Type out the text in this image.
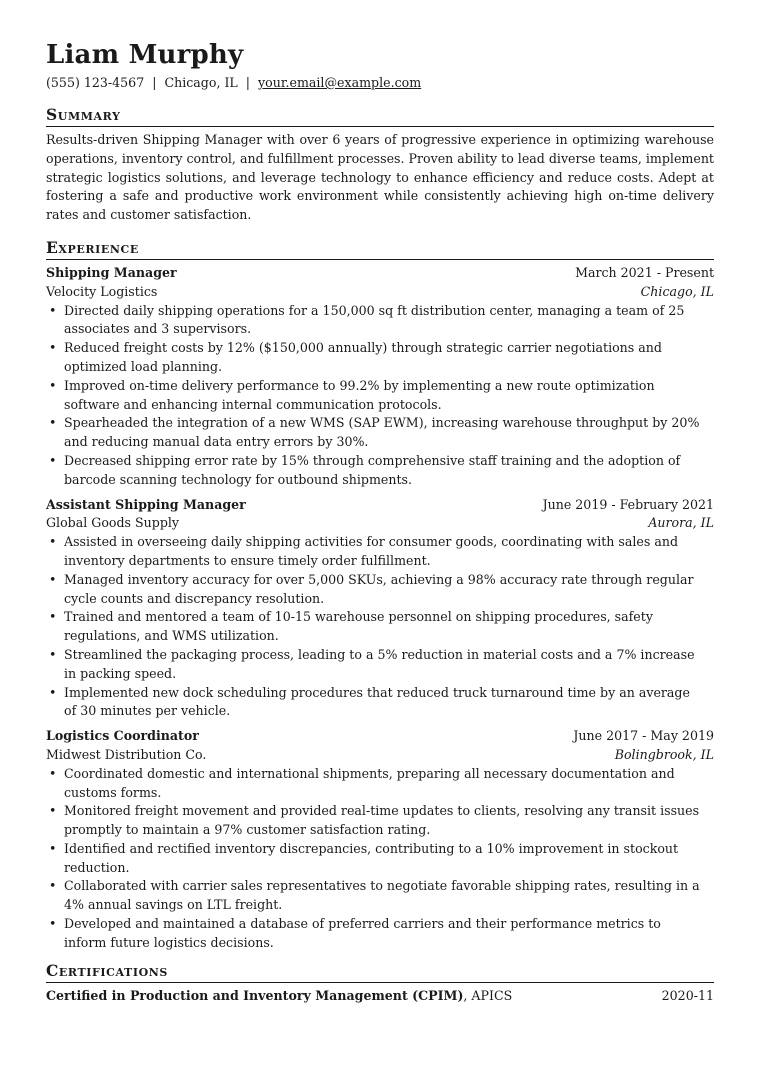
Liam Murphy
(555) 123-4567 | Chicago, IL | your.email@example.com
Summary

Results-driven Shipping Manager with over 6 years of progressive experience in optimizing warehouse operations, inventory control, and fulfillment processes. Proven ability to lead diverse teams, implement strategic logistics solutions, and leverage technology to enhance efficiency and reduce costs. Adept at fostering a safe and productive work environment while consistently achieving high on-time delivery rates and customer satisfaction.

Experience
Shipping Manager	March 2021 - Present
Velocity Logistics	Chicago, IL
• Directed daily shipping operations for a 150,000 sq ft distribution center, managing a team of 25 associates and 3 supervisors.
• Reduced freight costs by 12% ($150,000 annually) through strategic carrier negotiations and optimized load planning.
• Improved on-time delivery performance to 99.2% by implementing a new route optimization software and enhancing internal communication protocols.
• Spearheaded the integration of a new WMS (SAP EWM), increasing warehouse throughput by 20% and reducing manual data entry errors by 30%.
• Decreased shipping error rate by 15% through comprehensive staff training and the adoption of barcode scanning technology for outbound shipments.
Assistant Shipping Manager	June 2019 - February 2021
Global Goods Supply	Aurora, IL
• Assisted in overseeing daily shipping activities for consumer goods, coordinating with sales and inventory departments to ensure timely order fulfillment.
• Managed inventory accuracy for over 5,000 SKUs, achieving a 98% accuracy rate through regular cycle counts and discrepancy resolution.
• Trained and mentored a team of 10-15 warehouse personnel on shipping procedures, safety regulations, and WMS utilization.
• Streamlined the packaging process, leading to a 5% reduction in material costs and a 7% increase in packing speed.
• Implemented new dock scheduling procedures that reduced truck turnaround time by an average of 30 minutes per vehicle.
Logistics Coordinator	June 2017 - May 2019
Midwest Distribution Co.	Bolingbrook, IL
• Coordinated domestic and international shipments, preparing all necessary documentation and customs forms.
• Monitored freight movement and provided real-time updates to clients, resolving any transit issues promptly to maintain a 97% customer satisfaction rating.
• Identified and rectified inventory discrepancies, contributing to a 10% improvement in stockout reduction.
• Collaborated with carrier sales representatives to negotiate favorable shipping rates, resulting in a 4% annual savings on LTL freight.
• Developed and maintained a database of preferred carriers and their performance metrics to inform future logistics decisions.
Certifications
Certified in Production and Inventory Management (CPIM), APICS	2020-11
